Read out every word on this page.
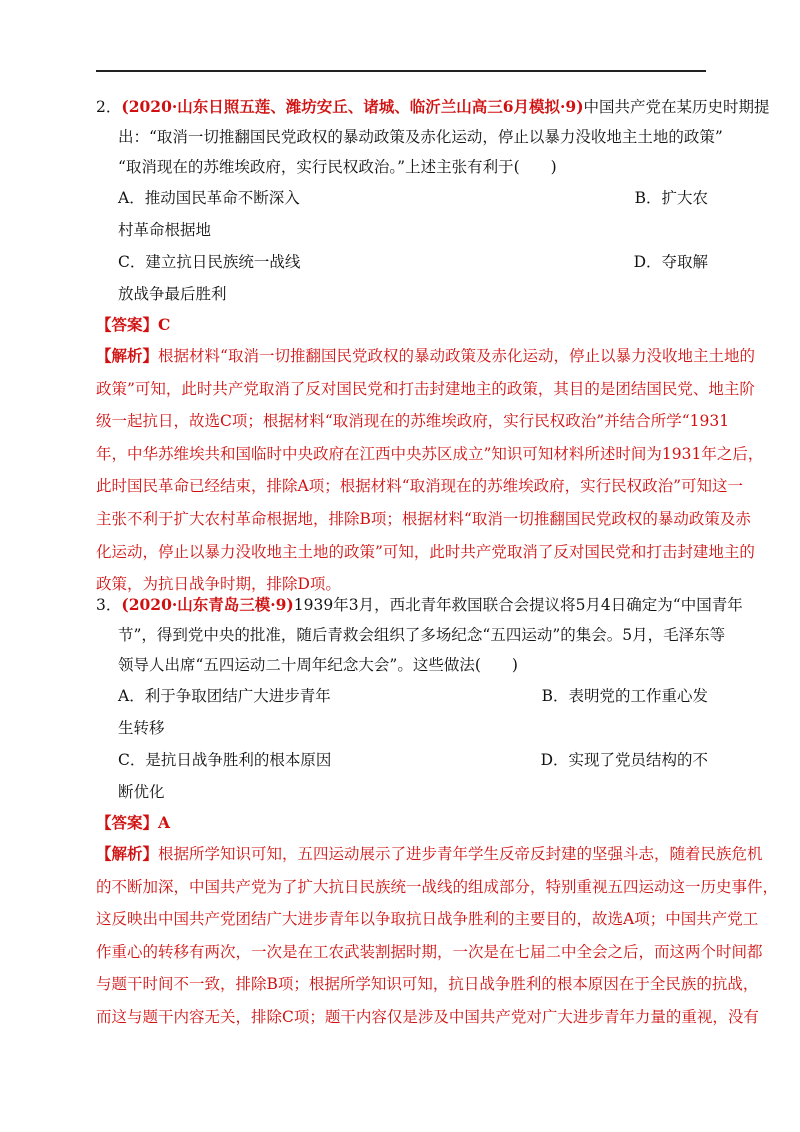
2．(2020·山东日照五莲、潍坊安丘、诸城、临沂兰山高三6月模拟·9)中国共产党在某历史时期提
出：“取消一切推翻国民党政权的暴动政策及赤化运动，停止以暴力没收地主土地的政策”
“取消现在的苏维埃政府，实行民权政治。”上述主张有利于(　　)
A．推动国民革命不断深入	B．扩大农
村革命根据地
C．建立抗日民族统一战线	D．夺取解
放战争最后胜利
【答案】C
【解析】根据材料“取消一切推翻国民党政权的暴动政策及赤化运动，停止以暴力没收地主土地的
政策”可知，此时共产党取消了反对国民党和打击封建地主的政策，其目的是团结国民党、地主阶
级一起抗日，故选C项；根据材料“取消现在的苏维埃政府，实行民权政治”并结合所学“1931
年，中华苏维埃共和国临时中央政府在江西中央苏区成立”知识可知材料所述时间为1931年之后，
此时国民革命已经结束，排除A项；根据材料“取消现在的苏维埃政府，实行民权政治”可知这一
主张不利于扩大农村革命根据地，排除B项；根据材料“取消一切推翻国民党政权的暴动政策及赤
化运动，停止以暴力没收地主土地的政策”可知，此时共产党取消了反对国民党和打击封建地主的
政策，为抗日战争时期，排除D项。
3．(2020·山东青岛三模·9)1939年3月，西北青年救国联合会提议将5月4日确定为“中国青年
节”，得到党中央的批准，随后青救会组织了多场纪念“五四运动”的集会。5月，毛泽东等
领导人出席“五四运动二十周年纪念大会”。这些做法(　　)
A．利于争取团结广大进步青年	B．表明党的工作重心发
生转移
C．是抗日战争胜利的根本原因	D．实现了党员结构的不
断优化
【答案】A
【解析】根据所学知识可知，五四运动展示了进步青年学生反帝反封建的坚强斗志，随着民族危机
的不断加深，中国共产党为了扩大抗日民族统一战线的组成部分，特别重视五四运动这一历史事件，
这反映出中国共产党团结广大进步青年以争取抗日战争胜利的主要目的，故选A项；中国共产党工
作重心的转移有两次，一次是在工农武装割据时期，一次是在七届二中全会之后，而这两个时间都
与题干时间不一致，排除B项；根据所学知识可知，抗日战争胜利的根本原因在于全民族的抗战，
而这与题干内容无关，排除C项；题干内容仅是涉及中国共产党对广大进步青年力量的重视，没有
